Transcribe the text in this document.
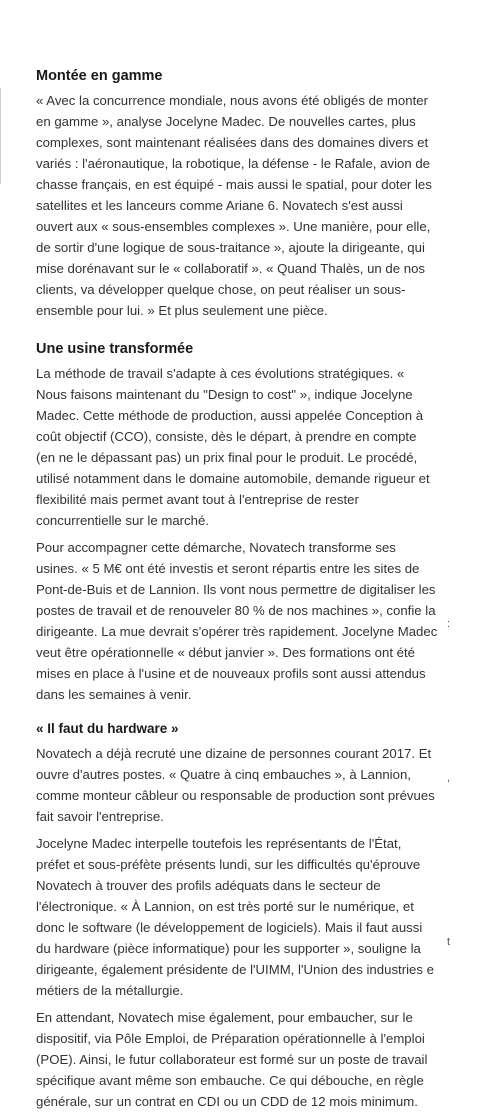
Montée en gamme

« Avec la concurrence mondiale, nous avons été obligés de monter
en gamme », analyse Jocelyne Madec. De nouvelles cartes, plus
complexes, sont maintenant réalisées dans des domaines divers et
variés : l'aéronautique, la robotique, la défense - le Rafale, avion de
chasse français, en est équipé - mais aussi le spatial, pour doter les
satellites et les lanceurs comme Ariane 6. Novatech s'est aussi
ouvert aux « sous-ensembles complexes ». Une manière, pour elle,
de sortir d'une logique de sous-traitance », ajoute la dirigeante, qui
mise dorénavant sur le « collaboratif ». « Quand Thalès, un de nos
clients, va développer quelque chose, on peut réaliser un sous-
ensemble pour lui. » Et plus seulement une pièce.

Une usine transformée

La méthode de travail s'adapte à ces évolutions stratégiques. «
Nous faisons maintenant du "Design to cost" », indique Jocelyne
Madec. Cette méthode de production, aussi appelée Conception à
coût objectif (CCO), consiste, dès le départ, à prendre en compte
(en ne le dépassant pas) un prix final pour le produit. Le procédé,
utilisé notamment dans le domaine automobile, demande rigueur et
flexibilité mais permet avant tout à l'entreprise de rester
concurrentielle sur le marché.

Pour accompagner cette démarche, Novatech transforme ses
usines. « 5 M€ ont été investis et seront répartis entre les sites de
Pont-de-Buis et de Lannion. Ils vont nous permettre de digitaliser les
postes de travail et de renouveler 80 % de nos machines », confie la
dirigeante. La mue devrait s'opérer très rapidement. Jocelyne Madec
veut être opérationnelle « début janvier ». Des formations ont été
mises en place à l'usine et de nouveaux profils sont aussi attendus
dans les semaines à venir.

« Il faut du hardware »

Novatech a déjà recruté une dizaine de personnes courant 2017. Et
ouvre d'autres postes. « Quatre à cinq embauches », à Lannion,
comme monteur câbleur ou responsable de production sont prévues
fait savoir l'entreprise.

Jocelyne Madec interpelle toutefois les représentants de l'État,
préfet et sous-préfète présents lundi, sur les difficultés qu'éprouve
Novatech à trouver des profils adéquats dans le secteur de
l'électronique. « À Lannion, on est très porté sur le numérique, et
donc le software (le développement de logiciels). Mais il faut aussi
du hardware (pièce informatique) pour les supporter », souligne la
dirigeante, également présidente de l'UIMM, l'Union des industries e
métiers de la métallurgie.

En attendant, Novatech mise également, pour embaucher, sur le
dispositif, via Pôle Emploi, de Préparation opérationnelle à l'emploi
(POE). Ainsi, le futur collaborateur est formé sur un poste de travail
spécifique avant même son embauche. Ce qui débouche, en règle
générale, sur un contrat en CDI ou un CDD de 12 mois minimum.

:
,
t
